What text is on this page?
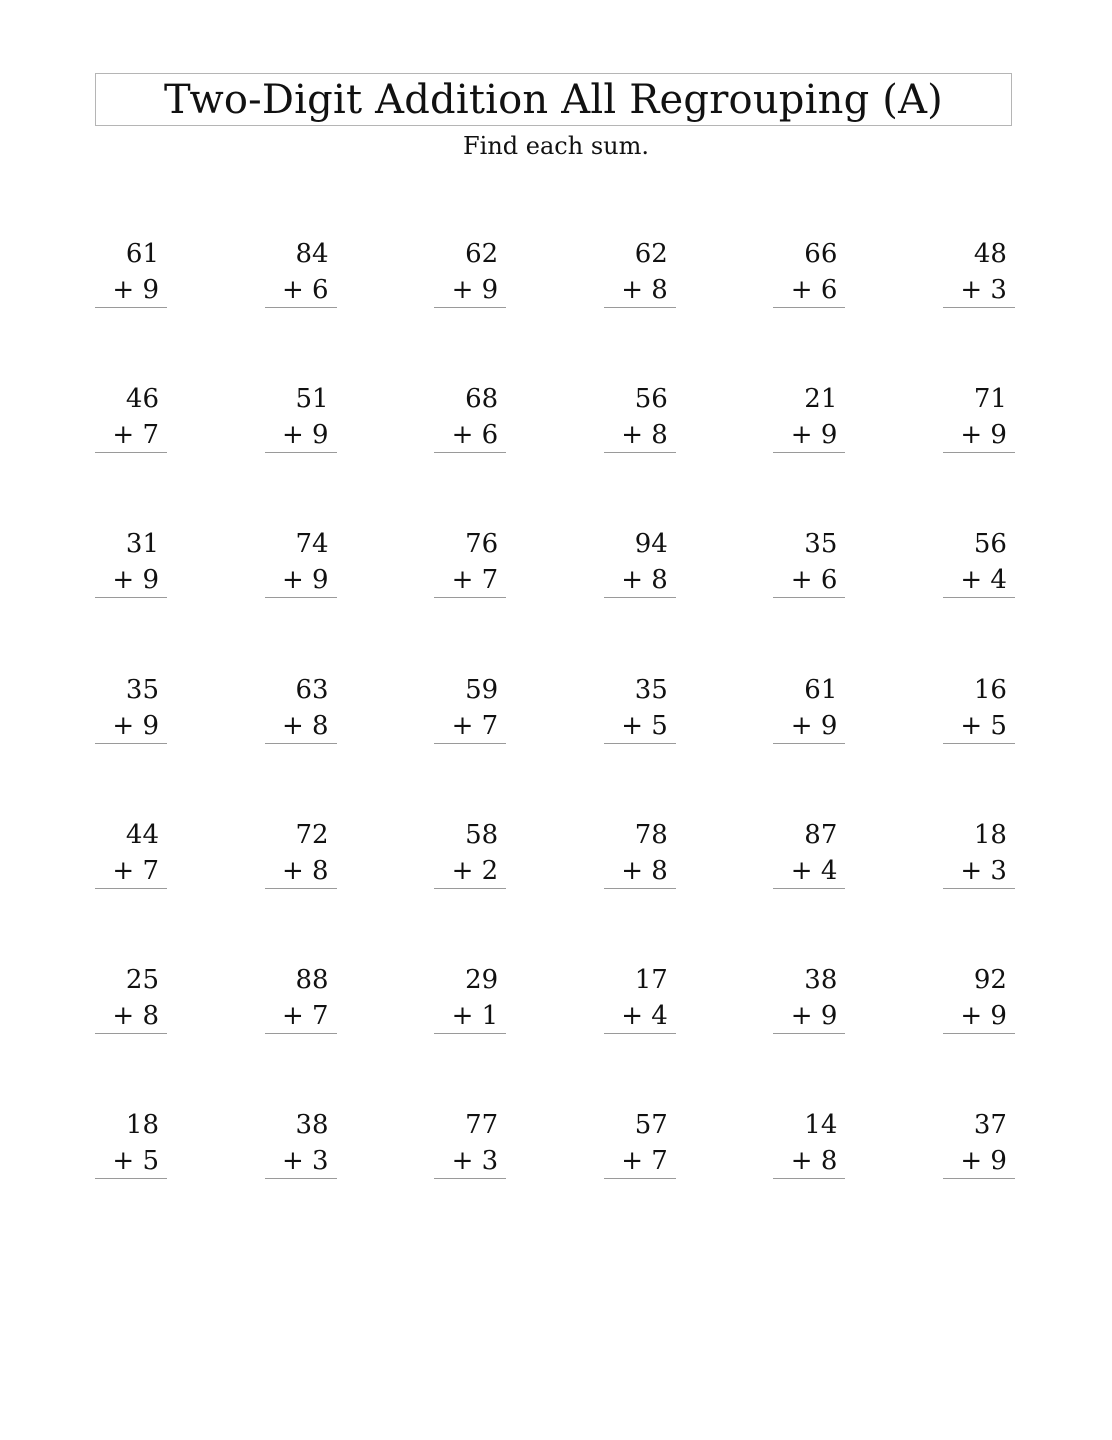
Two-Digit Addition All Regrouping (A)
Find each sum.
61
+ 9
84
+ 6
62
+ 9
62
+ 8
66
+ 6
48
+ 3
46
+ 7
51
+ 9
68
+ 6
56
+ 8
21
+ 9
71
+ 9
31
+ 9
74
+ 9
76
+ 7
94
+ 8
35
+ 6
56
+ 4
35
+ 9
63
+ 8
59
+ 7
35
+ 5
61
+ 9
16
+ 5
44
+ 7
72
+ 8
58
+ 2
78
+ 8
87
+ 4
18
+ 3
25
+ 8
88
+ 7
29
+ 1
17
+ 4
38
+ 9
92
+ 9
18
+ 5
38
+ 3
77
+ 3
57
+ 7
14
+ 8
37
+ 9
